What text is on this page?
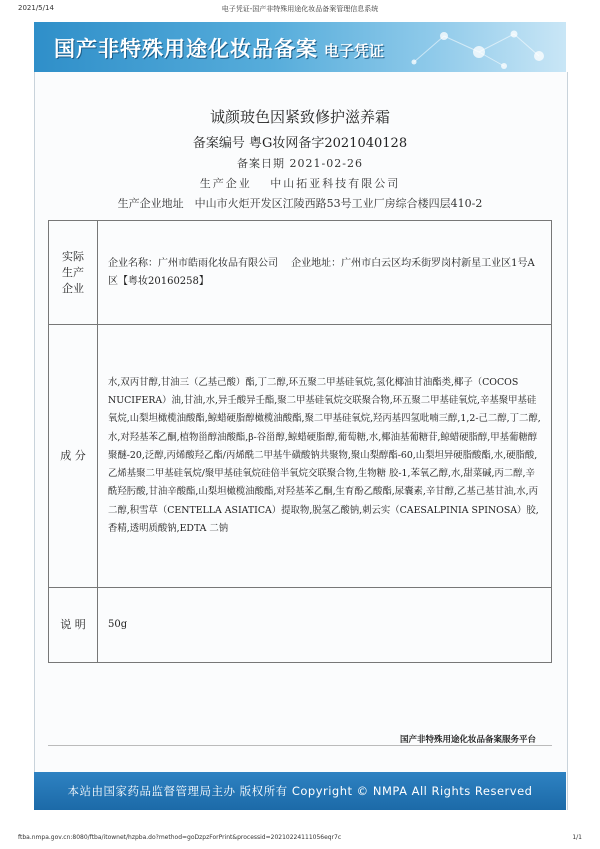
2021/5/14	电子凭证-国产非特殊用途化妆品备案管理信息系统
国产非特殊用途化妆品备案 电子凭证
诚颜玻色因紧致修护滋养霜
备案编号 粤G妆网备字2021040128
备案日期 2021-02-26
生产企业　 中山拓亚科技有限公司
生产企业地址　中山市火炬开发区江陵西路53号工业厂房综合楼四层410-2
实际
生产
企业	企业名称：广州市皓雨化妆品有限公司　 企业地址：广州市白云区均禾街罗岗村新星工业区1号A区【粤妆20160258】
成 分	水,双丙甘醇,甘油三（乙基己酸）酯,丁二醇,环五聚二甲基硅氧烷,氢化椰油甘油酯类,椰子（COCOS NUCIFERA）油,甘油,水,异壬酸异壬酯,聚二甲基硅氧烷交联聚合物,环五聚二甲基硅氧烷,辛基聚甲基硅氧烷,山梨坦橄榄油酸酯,鲸蜡硬脂醇橄榄油酸酯,聚二甲基硅氧烷,羟丙基四氢吡喃三醇,1,2-己二醇,丁二醇,水,对羟基苯乙酮,植物甾醇油酸酯,β-谷甾醇,鲸蜡硬脂醇,葡萄糖,水,椰油基葡糖苷,鲸蜡硬脂醇,甲基葡糖醇聚醚-20,泛醇,丙烯酸羟乙酯/丙烯酰二甲基牛磺酸钠共聚物,聚山梨醇酯-60,山梨坦异硬脂酸酯,水,硬脂酸,乙烯基聚二甲基硅氧烷/聚甲基硅氧烷硅倍半氧烷交联聚合物,生物糖 胶-1,苯氧乙醇,水,甜菜碱,丙二醇,辛酰羟肟酸,甘油辛酸酯,山梨坦橄榄油酸酯,对羟基苯乙酮,生育酚乙酸酯,尿囊素,辛甘醇,乙基己基甘油,水,丙二醇,积雪草（CENTELLA ASIATICA）提取物,脱氢乙酸钠,刺云实（CAESALPINIA SPINOSA）胶,香精,透明质酸钠,EDTA 二钠
说 明	50g
国产非特殊用途化妆品备案服务平台
本站由国家药品监督管理局主办 版权所有 Copyright © NMPA All Rights Reserved
ftba.nmpa.gov.cn:8080/ftba/itownet/hzpba.do?method=goDzpzForPrint&processid=20210224111056eqr7c	1/1
